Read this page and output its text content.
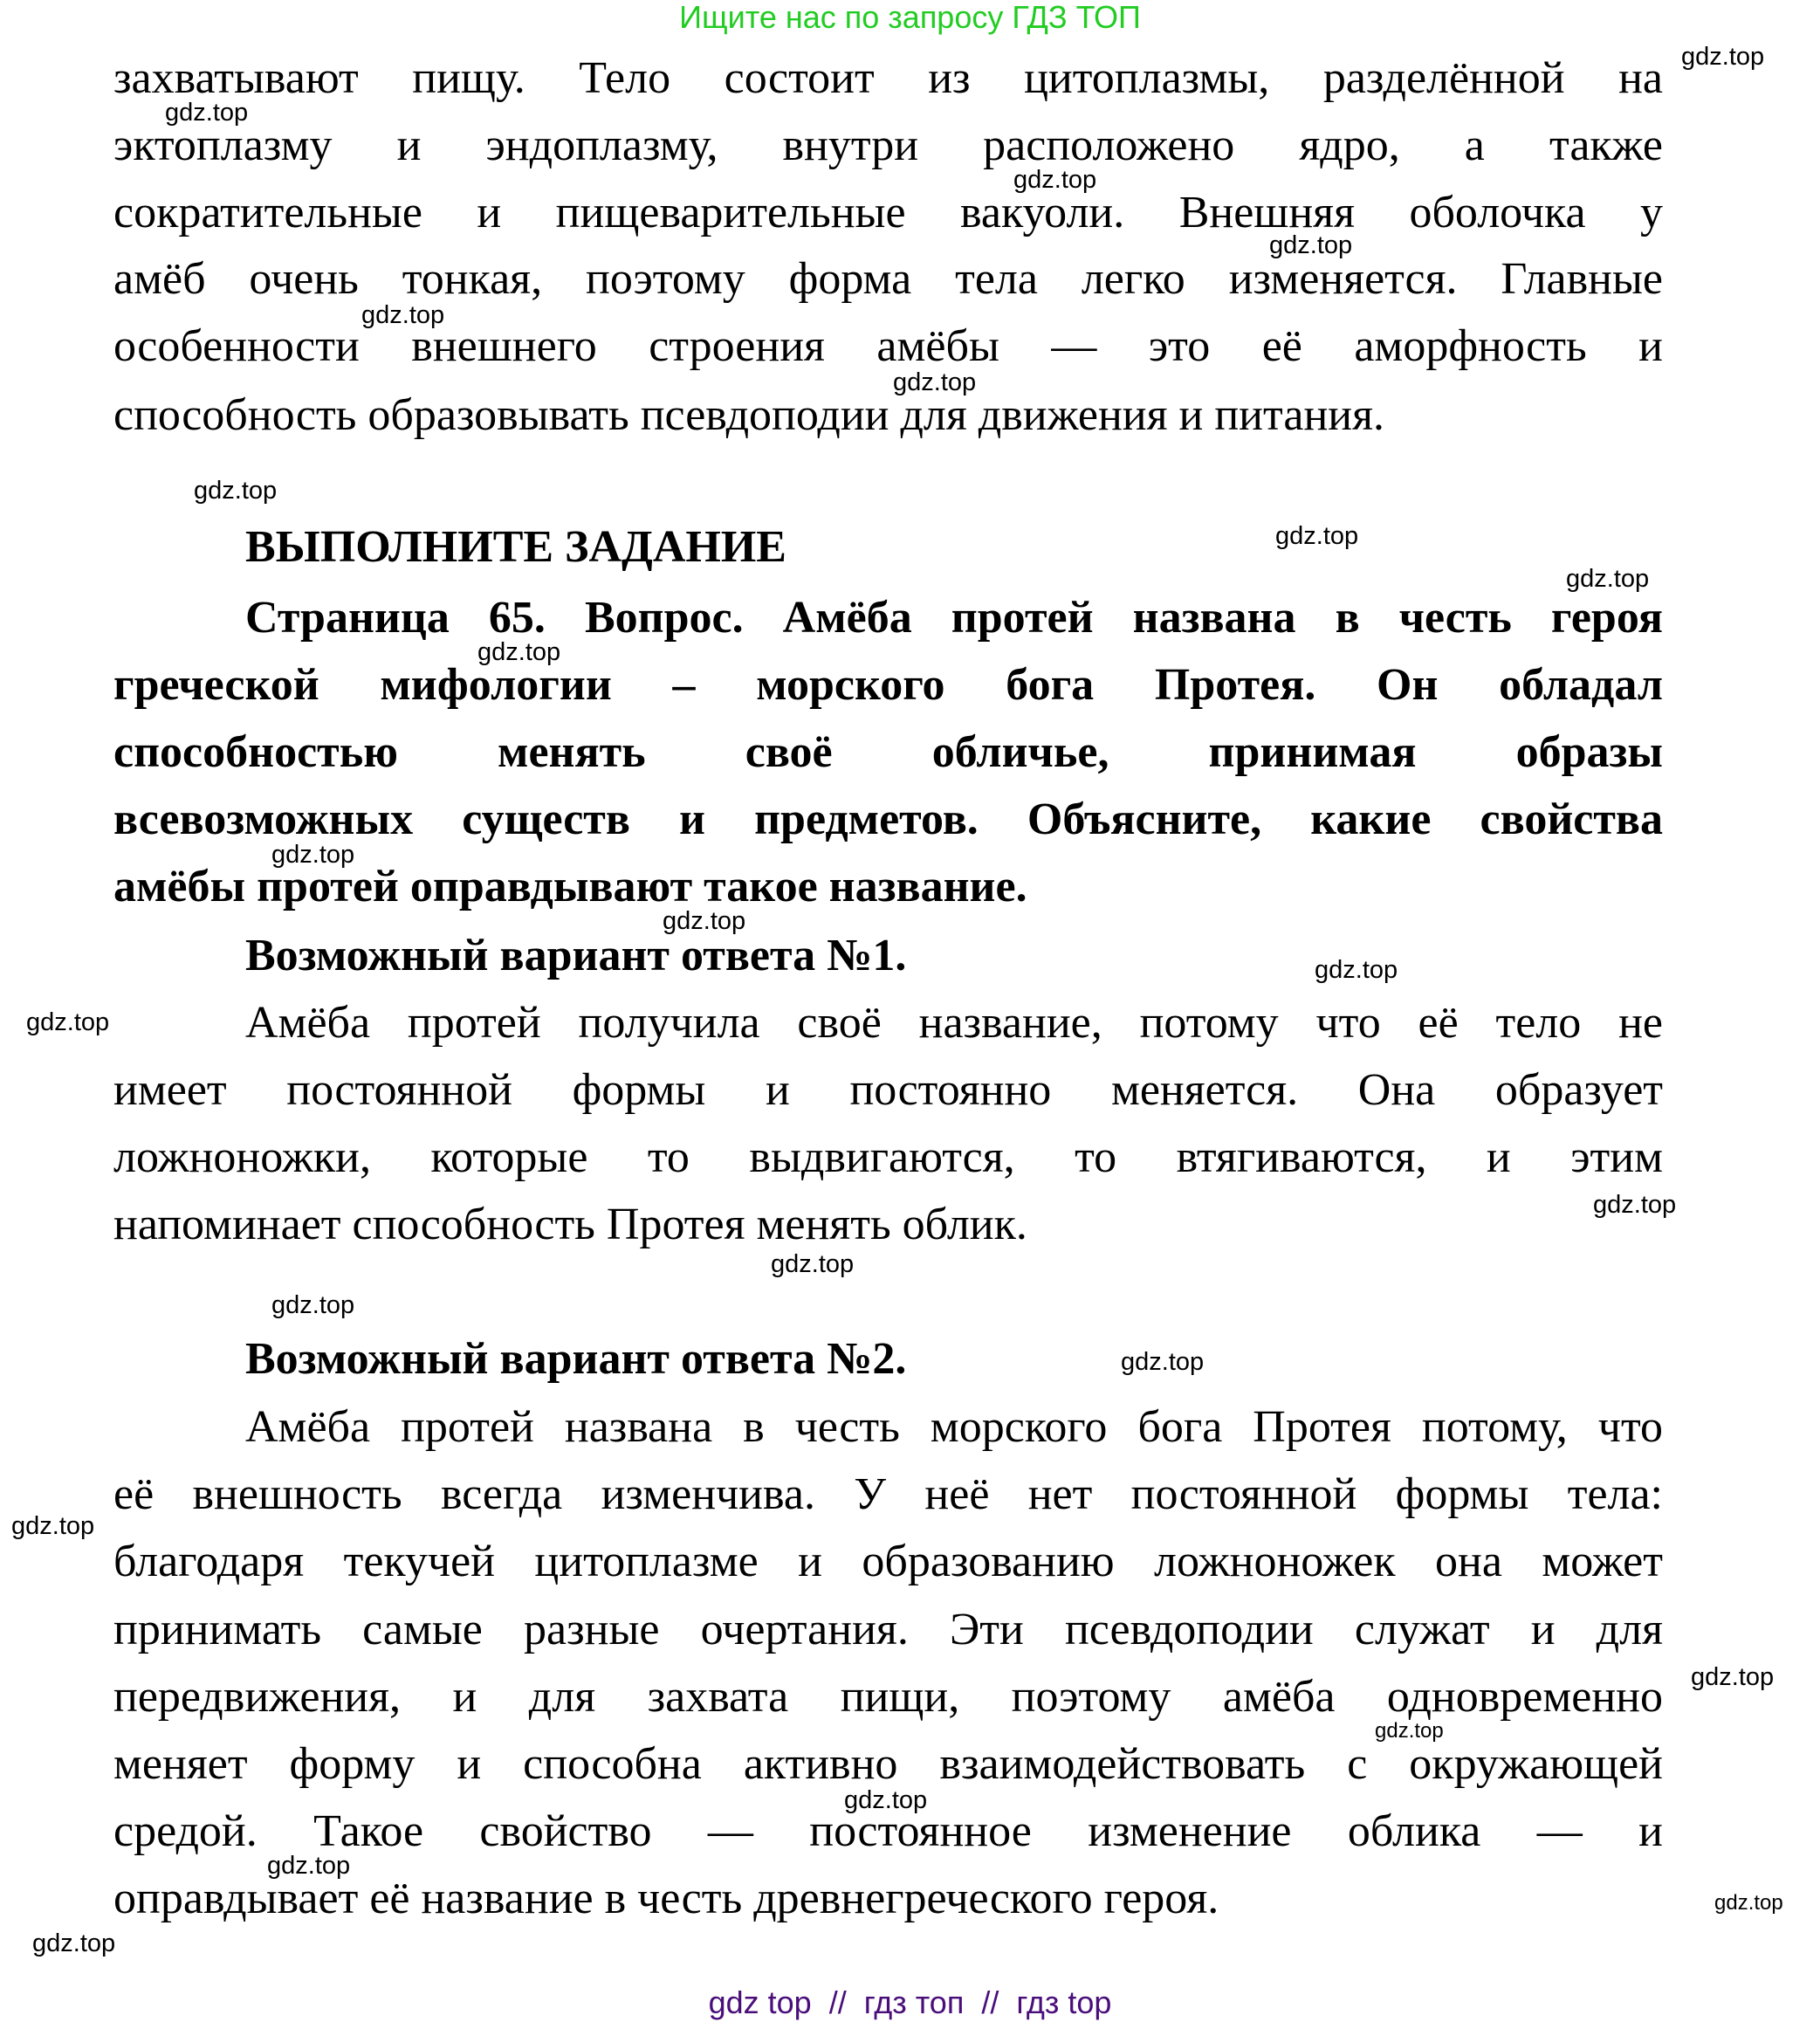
Ищите нас по запросу ГДЗ ТОП
захватывают пищу. Тело состоит из цитоплазмы, разделённой на
эктоплазму и эндоплазму, внутри расположено ядро, а также
сократительные и пищеварительные вакуоли. Внешняя оболочка у
амёб очень тонкая, поэтому форма тела легко изменяется. Главные
особенности внешнего строения амёбы — это её аморфность и
способность образовывать псевдоподии для движения и питания.
ВЫПОЛНИТЕ ЗАДАНИЕ
Страница 65. Вопрос. Амёба протей названа в честь героя
греческой мифологии – морского бога Протея. Он обладал
способностью менять своё обличье, принимая образы
всевозможных существ и предметов. Объясните, какие свойства
амёбы протей оправдывают такое название.
Возможный вариант ответа №1.
Амёба протей получила своё название, потому что её тело не
имеет постоянной формы и постоянно меняется. Она образует
ложноножки, которые то выдвигаются, то втягиваются, и этим
напоминает способность Протея менять облик.
Возможный вариант ответа №2.
Амёба протей названа в честь морского бога Протея потому, что
её внешность всегда изменчива. У неё нет постоянной формы тела:
благодаря текучей цитоплазме и образованию ложноножек она может
принимать самые разные очертания. Эти псевдоподии служат и для
передвижения, и для захвата пищи, поэтому амёба одновременно
меняет форму и способна активно взаимодействовать с окружающей
средой. Такое свойство — постоянное изменение облика — и
оправдывает её название в честь древнегреческого героя.
gdz.top
gdz.top
gdz.top
gdz.top
gdz.top
gdz.top
gdz.top
gdz.top
gdz.top
gdz.top
gdz.top
gdz.top
gdz.top
gdz.top
gdz.top
gdz.top
gdz.top
gdz.top
gdz.top
gdz.top
gdz.top
gdz.top
gdz.top
gdz.top
gdz.top
gdz top  //  гдз топ  //  гдз top
